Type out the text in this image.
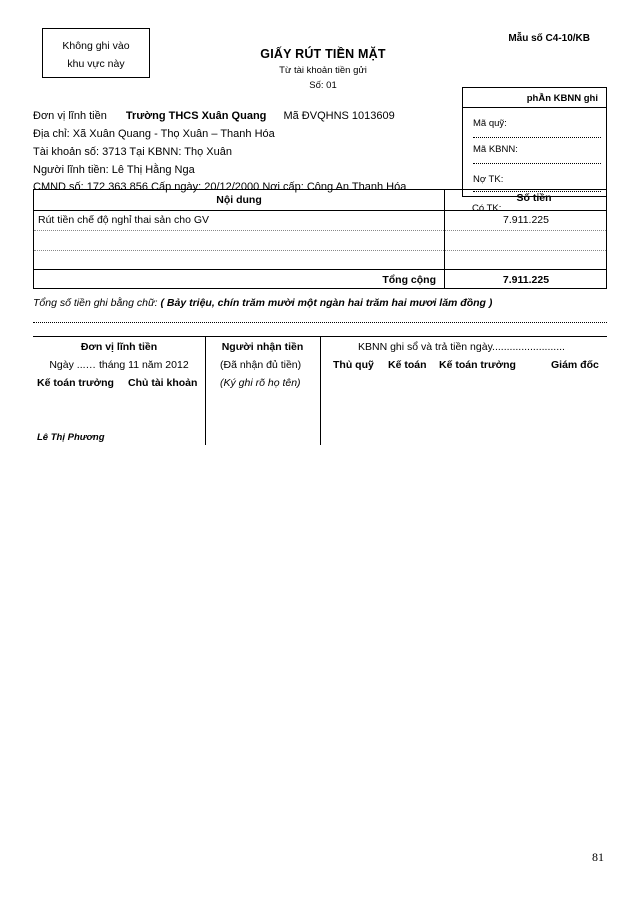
Không ghi vào
khu vực này
Mẫu số C4-10/KB
GIẤY RÚT TIỀN MẶT
Từ tài khoản tiền gửi
Số: 01
phẦn KBNN ghi
Mã quỹ:
Mã KBNN:
Nợ TK:
Có TK:
Đơn vị lĩnh tiền Trường THCS Xuân Quang Mã ĐVQHNS 1013609
Địa chỉ: Xã Xuân Quang - Thọ Xuân – Thanh Hóa
Tài khoản số: 3713 Tại KBNN: Thọ Xuân
Người lĩnh tiền: Lê Thị Hằng Nga
CMND số: 172 363 856 Cấp ngày: 20/12/2000 Nơi cấp: Công An Thanh Hóa
Nội dung	Số tiền
Rút tiền chế độ nghỉ thai sản cho GV	7.911.225
Tổng cộng	7.911.225
Tổng số tiền ghi bằng chữ: ( Bảy triệu, chín trăm mười một ngàn hai trăm hai mươi lăm đồng )
Đơn vị lĩnh tiền
Ngày ...… tháng 11 năm 2012
Kế toán trưởng Chủ tài khoản
Lê Thị Phương
Người nhận tiền
(Đã nhận đủ tiền)
(Ký ghi rõ họ tên)
KBNN ghi sổ và trả tiền ngày.........................
Thủ quỹ Kế toán Kế toán trưởng	Giám đốc
81
